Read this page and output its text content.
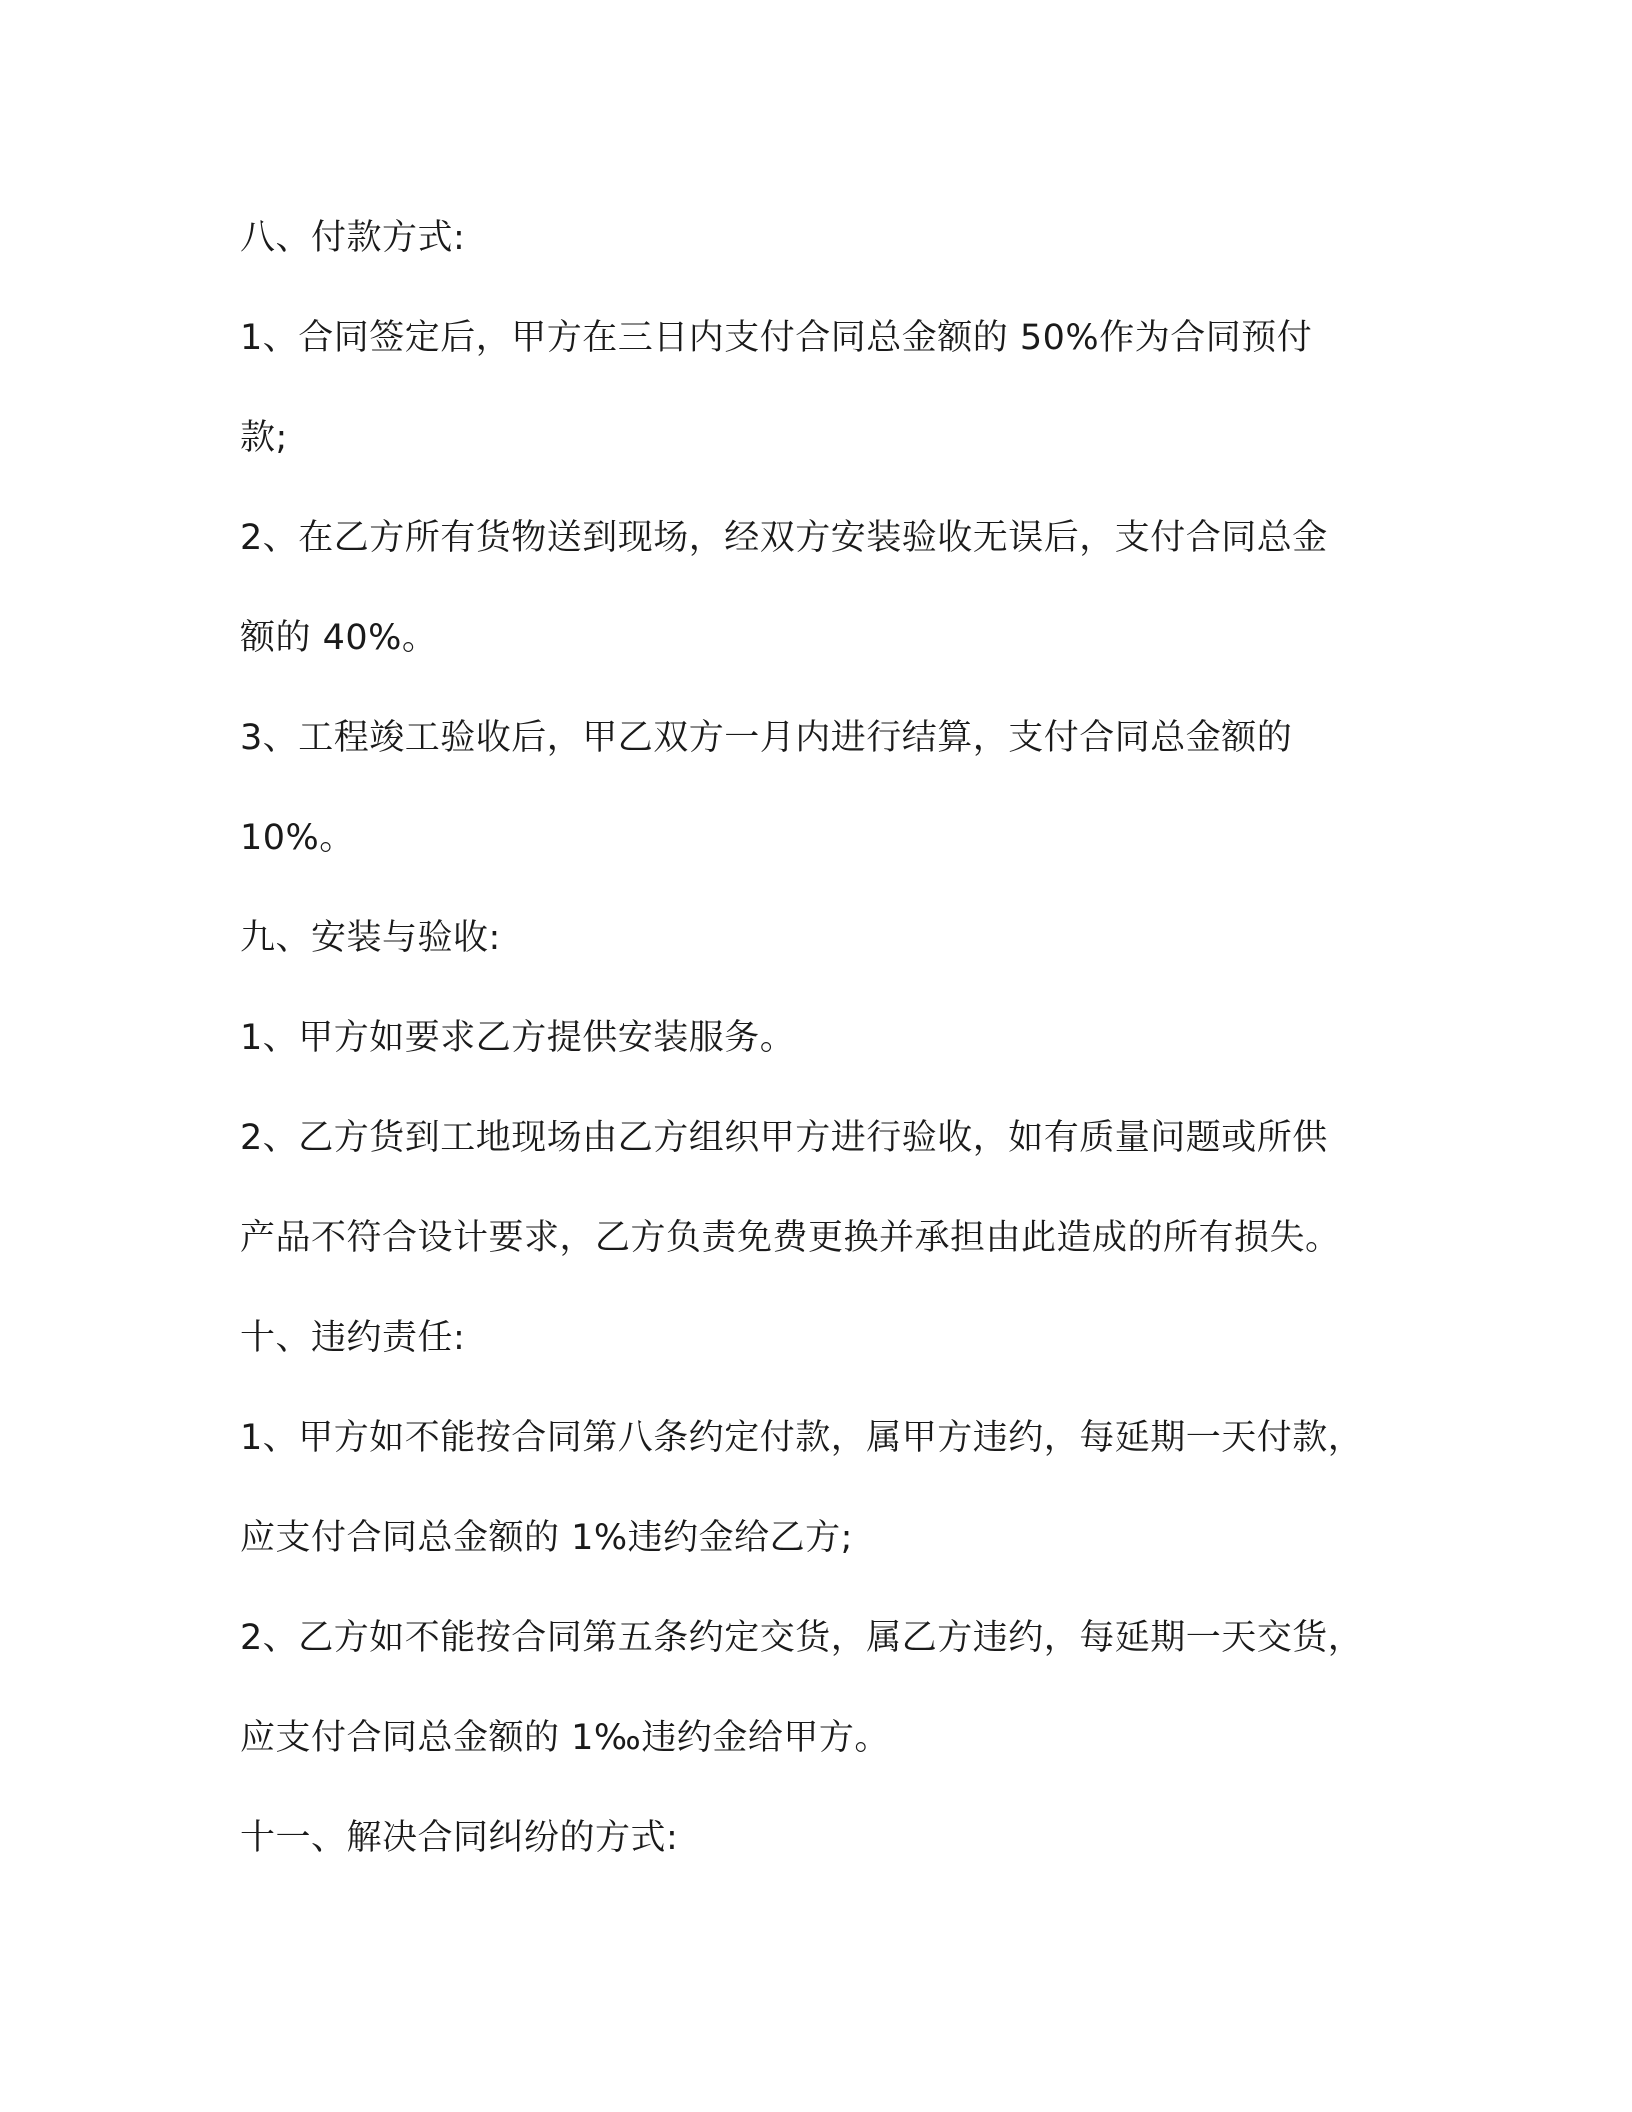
八、付款方式:
1、合同签定后，甲方在三日内支付合同总金额的 50%作为合同预付
款;
2、在乙方所有货物送到现场，经双方安装验收无误后，支付合同总金
额的 40%。
3、工程竣工验收后，甲乙双方一月内进行结算，支付合同总金额的
10%。
九、安装与验收:
1、甲方如要求乙方提供安装服务。
2、乙方货到工地现场由乙方组织甲方进行验收，如有质量问题或所供
产品不符合设计要求，乙方负责免费更换并承担由此造成的所有损失。
十、违约责任:
1、甲方如不能按合同第八条约定付款，属甲方违约，每延期一天付款，
应支付合同总金额的 1%违约金给乙方;
2、乙方如不能按合同第五条约定交货，属乙方违约，每延期一天交货，
应支付合同总金额的 1‰违约金给甲方。
十一、解决合同纠纷的方式:
